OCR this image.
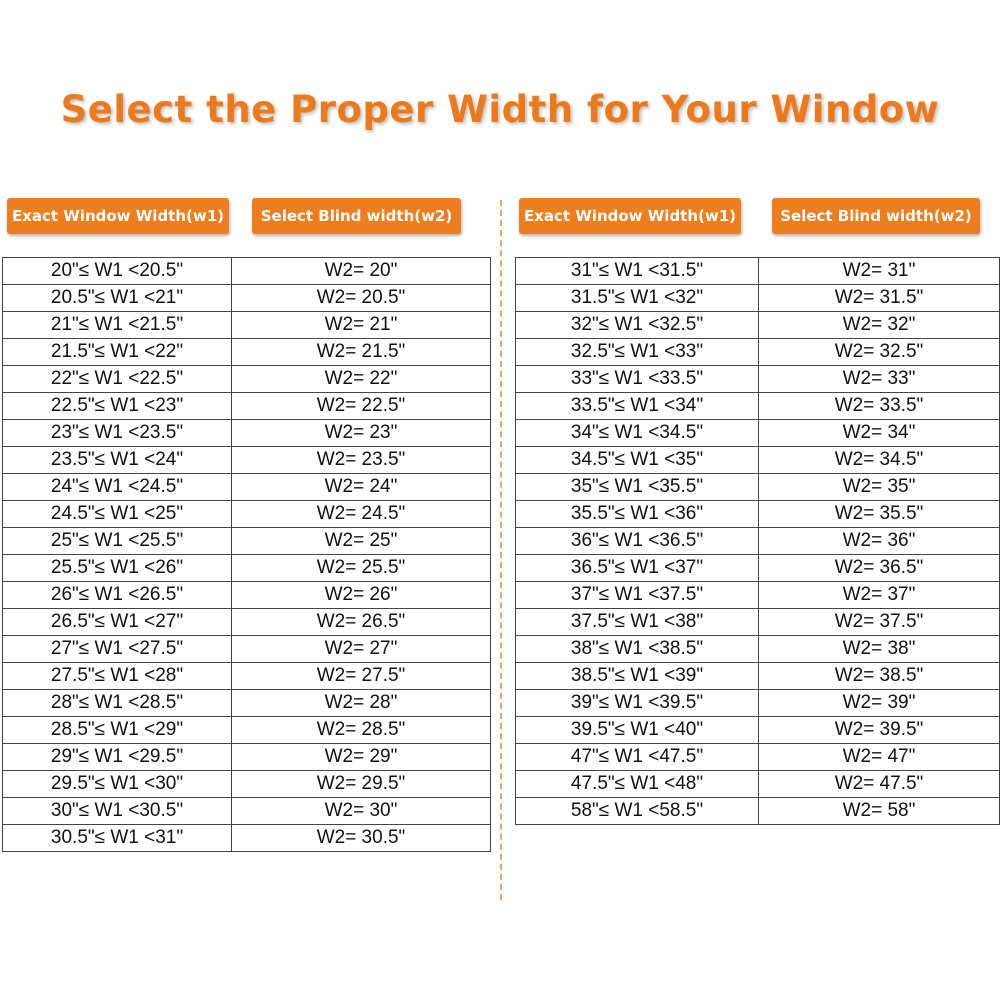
Select the Proper Width for Your Window
Exact Window Width(w1)	Select Blind width(w2)	Exact Window Width(w1)	Select Blind width(w2)
20"≤ W1 <20.5"	W2= 20"
20.5"≤ W1 <21"	W2= 20.5"
21"≤ W1 <21.5"	W2= 21"
21.5"≤ W1 <22"	W2= 21.5"
22"≤ W1 <22.5"	W2= 22"
22.5"≤ W1 <23"	W2= 22.5"
23"≤ W1 <23.5"	W2= 23"
23.5"≤ W1 <24"	W2= 23.5"
24"≤ W1 <24.5"	W2= 24"
24.5"≤ W1 <25"	W2= 24.5"
25"≤ W1 <25.5"	W2= 25"
25.5"≤ W1 <26"	W2= 25.5"
26"≤ W1 <26.5"	W2= 26"
26.5"≤ W1 <27"	W2= 26.5"
27"≤ W1 <27.5"	W2= 27"
27.5"≤ W1 <28"	W2= 27.5"
28"≤ W1 <28.5"	W2= 28"
28.5"≤ W1 <29"	W2= 28.5"
29"≤ W1 <29.5"	W2= 29"
29.5"≤ W1 <30"	W2= 29.5"
30"≤ W1 <30.5"	W2= 30"
30.5"≤ W1 <31"	W2= 30.5"
31"≤ W1 <31.5"	W2= 31"
31.5"≤ W1 <32"	W2= 31.5"
32"≤ W1 <32.5"	W2= 32"
32.5"≤ W1 <33"	W2= 32.5"
33"≤ W1 <33.5"	W2= 33"
33.5"≤ W1 <34"	W2= 33.5"
34"≤ W1 <34.5"	W2= 34"
34.5"≤ W1 <35"	W2= 34.5"
35"≤ W1 <35.5"	W2= 35"
35.5"≤ W1 <36"	W2= 35.5"
36"≤ W1 <36.5"	W2= 36"
36.5"≤ W1 <37"	W2= 36.5"
37"≤ W1 <37.5"	W2= 37"
37.5"≤ W1 <38"	W2= 37.5"
38"≤ W1 <38.5"	W2= 38"
38.5"≤ W1 <39"	W2= 38.5"
39"≤ W1 <39.5"	W2= 39"
39.5"≤ W1 <40"	W2= 39.5"
47"≤ W1 <47.5"	W2= 47"
47.5"≤ W1 <48"	W2= 47.5"
58"≤ W1 <58.5"	W2= 58"
